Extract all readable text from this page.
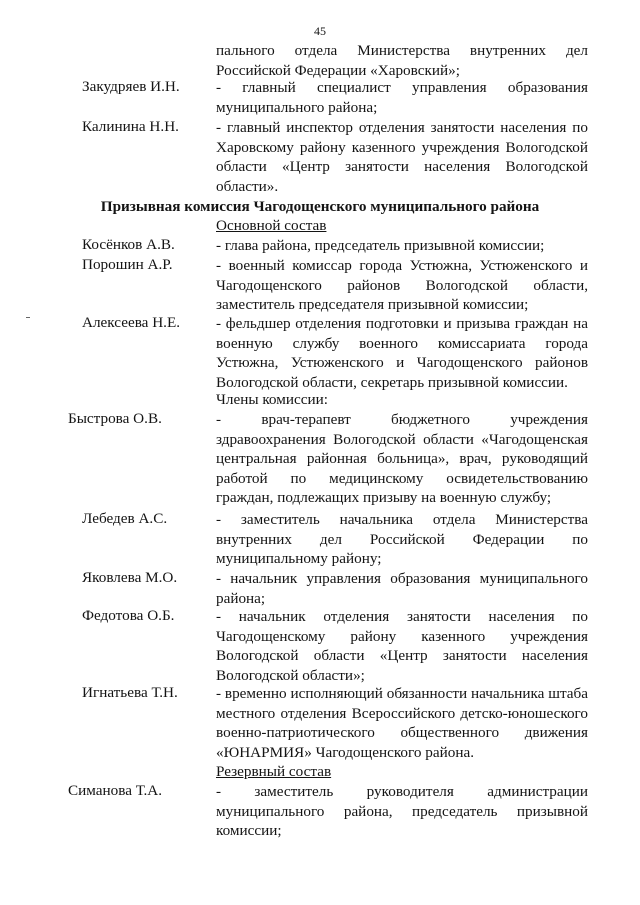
45

пального отдела Министерства внутренних дел Российской Федерации «Харовский»;

Закудряев И.Н. - главный специалист управления образования муниципального района;
Калинина Н.Н. - главный инспектор отделения занятости населения по Харовскому району казенного учреждения Вологодской области «Центр занятости населения Вологодской области».
Призывная комиссия Чагодощенского муниципального района
Основной состав
Косёнков А.В.	- глава района, председатель призывной комиссии;
Порошин А.Р.	- военный комиссар города Устюжна, Устюженского и Чагодощенского районов Вологодской области, заместитель председателя призывной комиссии;
Алексеева Н.Е. - фельдшер отделения подготовки и призыва граждан на военную службу военного комиссариата города Устюжна, Устюженского и Чагодощенского районов Вологодской области, секретарь призывной комиссии.
Члены комиссии:
Быстрова О.В.	- врач-терапевт бюджетного учреждения здравоохранения Вологодской области «Чагодощенская центральная районная больница», врач, руководящий работой по медицинскому освидетельствованию граждан, подлежащих призыву на военную службу;
Лебедев А.С.	- заместитель начальника отдела Министерства внутренних дел Российской Федерации по муниципальному району;
Яковлева М.О.	- начальник управления образования муниципального района;
Федотова О.Б.	- начальник отделения занятости населения по Чагодощенскому району казенного учреждения Вологодской области «Центр занятости населения Вологодской области»;
Игнатьева Т.Н.	- временно исполняющий обязанности начальника штаба местного отделения Всероссийского детско-юношеского военно-патриотического общественного движения «ЮНАРМИЯ» Чагодощенского района.
Резервный состав
Симанова Т.А.	- заместитель руководителя администрации муниципального района, председатель призывной комиссии;
